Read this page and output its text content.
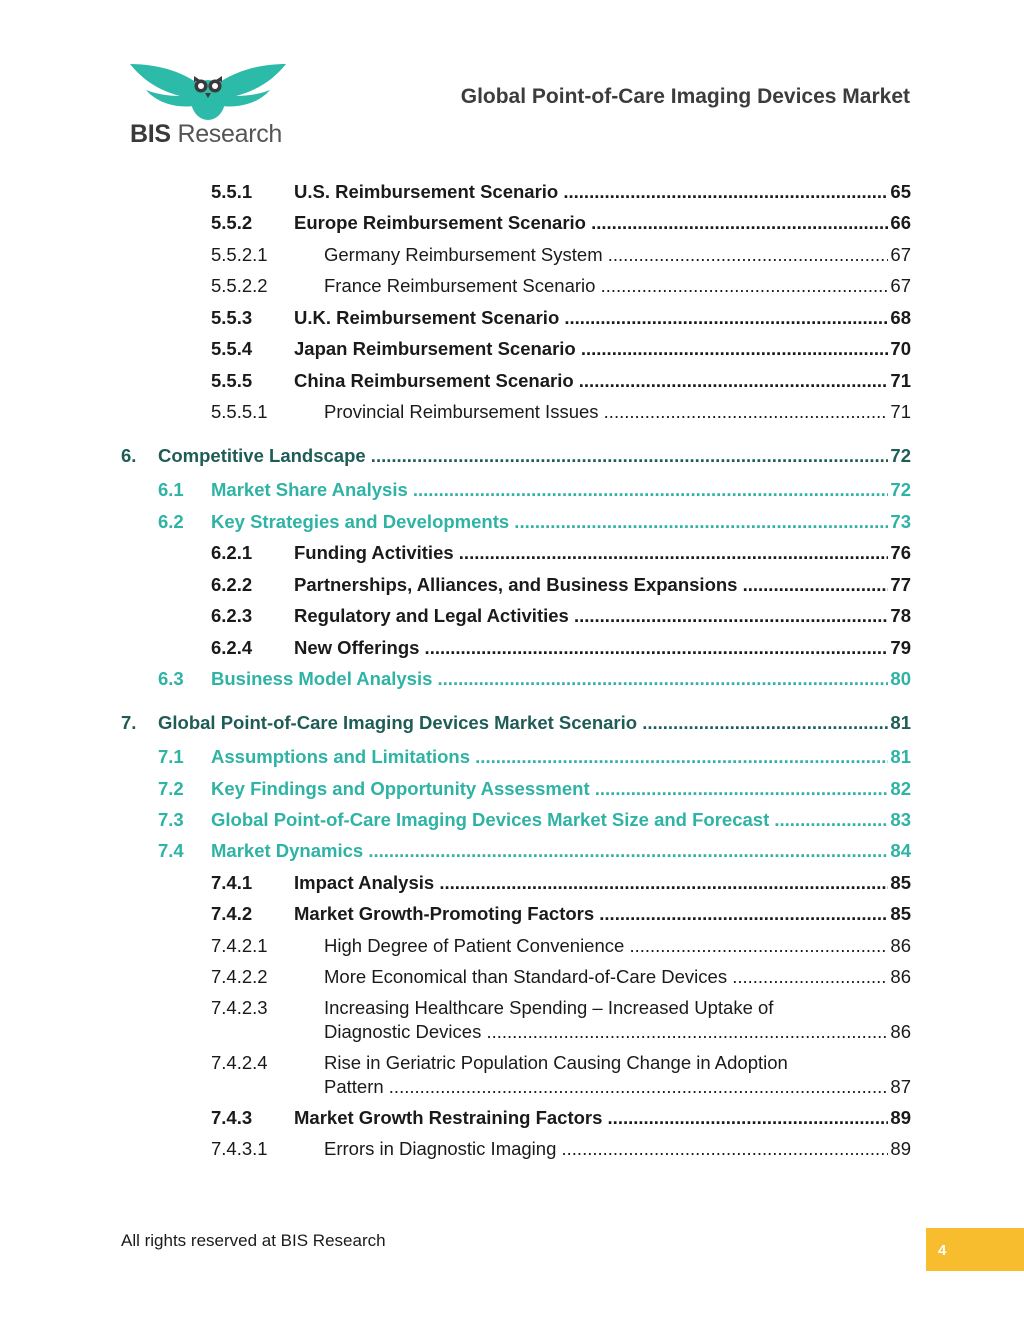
BIS Research
Global Point-of-Care Imaging Devices Market
5.5.1 U.S. Reimbursement Scenario .....	65
5.5.2 Europe Reimbursement Scenario .....	66
5.5.2.1	Germany Reimbursement System .....	67
5.5.2.2	France Reimbursement Scenario .....	67
5.5.3 U.K. Reimbursement Scenario .....	68
5.5.4 Japan Reimbursement Scenario .....	70
5.5.5 China Reimbursement Scenario .....	71
5.5.5.1	Provincial Reimbursement Issues .....	71
6. Competitive Landscape .....	72
6.1 Market Share Analysis .....	72
6.2 Key Strategies and Developments .....	73
6.2.1 Funding Activities .....	76
6.2.2 Partnerships, Alliances, and Business Expansions .....	77
6.2.3 Regulatory and Legal Activities .....	78
6.2.4 New Offerings .....	79
6.3 Business Model Analysis .....	80
7. Global Point-of-Care Imaging Devices Market Scenario .....	81
7.1 Assumptions and Limitations .....	81
7.2 Key Findings and Opportunity Assessment .....	82
7.3 Global Point-of-Care Imaging Devices Market Size and Forecast .....	83
7.4 Market Dynamics .....	84
7.4.1 Impact Analysis .....	85
7.4.2 Market Growth-Promoting Factors .....	85
7.4.2.1	High Degree of Patient Convenience .....	86
7.4.2.2	More Economical than Standard-of-Care Devices .....	86
7.4.2.3	Increasing Healthcare Spending – Increased Uptake of
Diagnostic Devices .....	86
7.4.2.4	Rise in Geriatric Population Causing Change in Adoption
Pattern .....	87
7.4.3 Market Growth Restraining Factors .....	89
7.4.3.1	Errors in Diagnostic Imaging .....	89
All rights reserved at BIS Research
4
